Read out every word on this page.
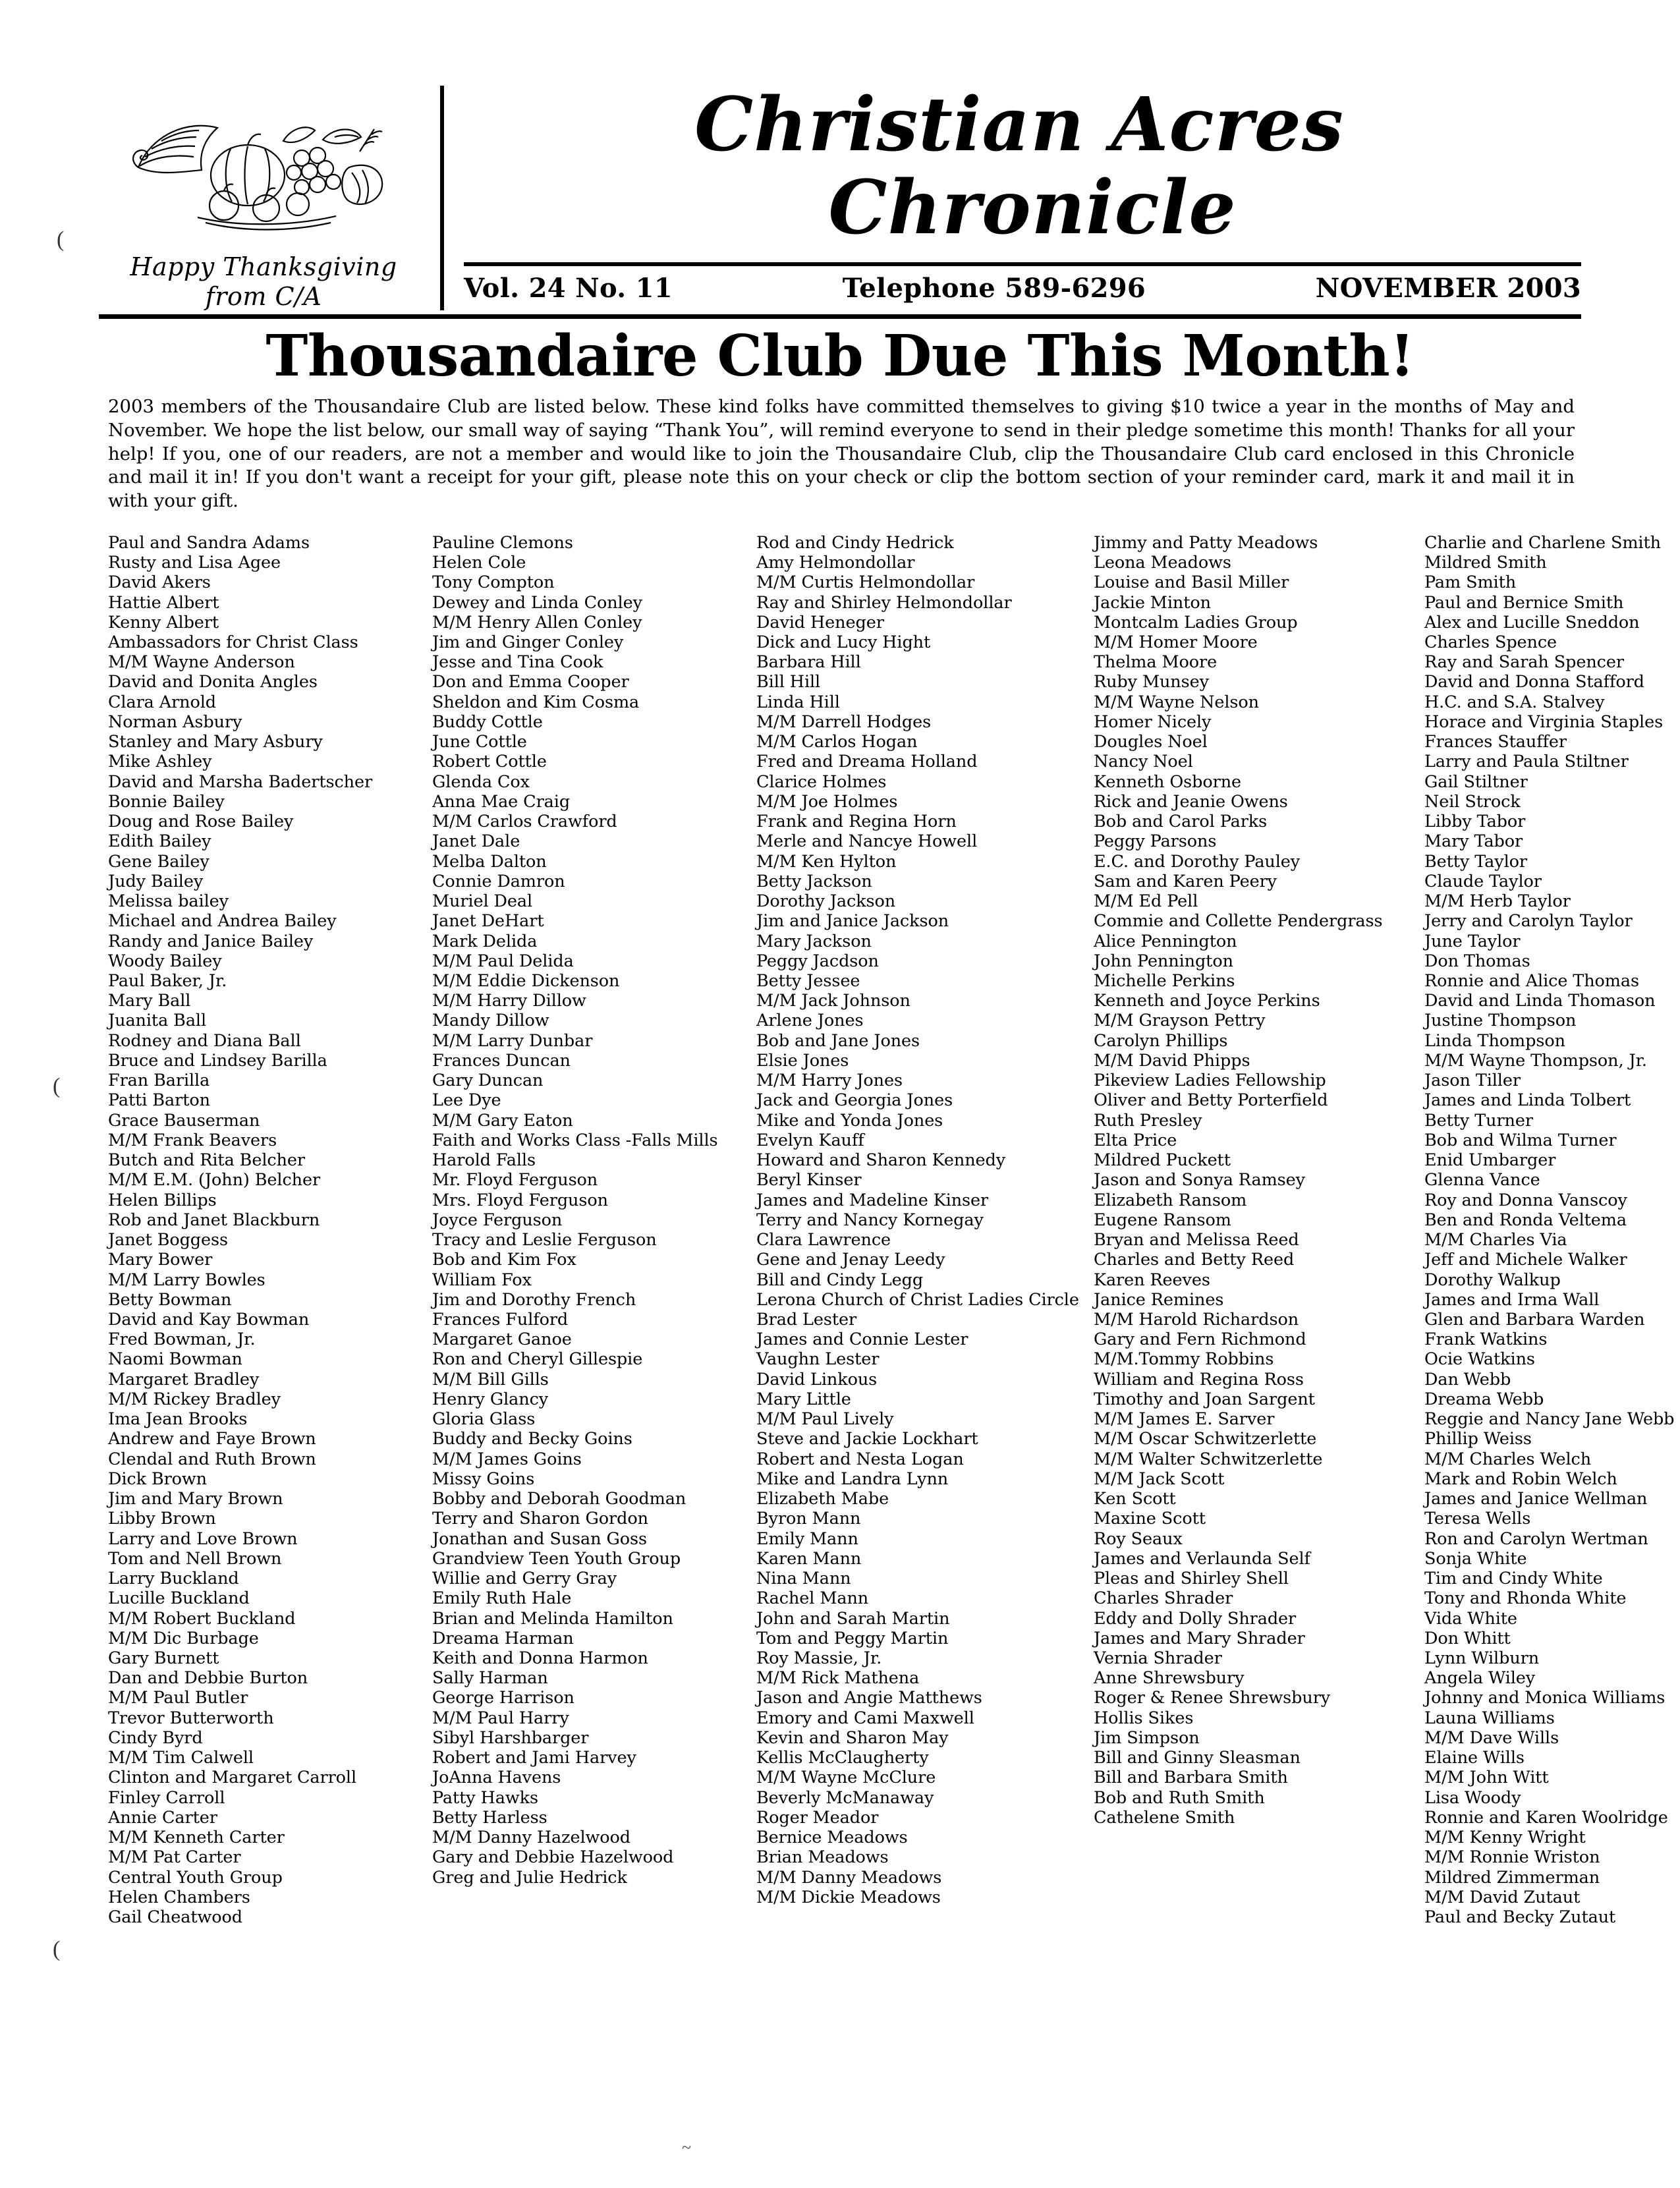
(
(
(
~
Happy Thanksgiving
from C/A
Christian Acres
Chronicle
Vol. 24 No. 11	Telephone 589-6296	NOVEMBER 2003
Thousandaire Club Due This Month!

2003 members of the Thousandaire Club are listed below. These kind folks have committed themselves to giving $10 twice a year in the months of May and November. We hope the list below, our small way of saying “Thank You”, will remind everyone to send in their pledge sometime this month! Thanks for all your help! If you, one of our readers, are not a member and would like to join the Thousandaire Club, clip the Thousandaire Club card enclosed in this Chronicle and mail it in! If you don't want a receipt for your gift, please note this on your check or clip the bottom section of your reminder card, mark it and mail it in with your gift.

Paul and Sandra Adams
Rusty and Lisa Agee
David Akers
Hattie Albert
Kenny Albert
Ambassadors for Christ Class
M/M Wayne Anderson
David and Donita Angles
Clara Arnold
Norman Asbury
Stanley and Mary Asbury
Mike Ashley
David and Marsha Badertscher
Bonnie Bailey
Doug and Rose Bailey
Edith Bailey
Gene Bailey
Judy Bailey
Melissa bailey
Michael and Andrea Bailey
Randy and Janice Bailey
Woody Bailey
Paul Baker, Jr.
Mary Ball
Juanita Ball
Rodney and Diana Ball
Bruce and Lindsey Barilla
Fran Barilla
Patti Barton
Grace Bauserman
M/M Frank Beavers
Butch and Rita Belcher
M/M E.M. (John) Belcher
Helen Billips
Rob and Janet Blackburn
Janet Boggess
Mary Bower
M/M Larry Bowles
Betty Bowman
David and Kay Bowman
Fred Bowman, Jr.
Naomi Bowman
Margaret Bradley
M/M Rickey Bradley
Ima Jean Brooks
Andrew and Faye Brown
Clendal and Ruth Brown
Dick Brown
Jim and Mary Brown
Libby Brown
Larry and Love Brown
Tom and Nell Brown
Larry Buckland
Lucille Buckland
M/M Robert Buckland
M/M Dic Burbage
Gary Burnett
Dan and Debbie Burton
M/M Paul Butler
Trevor Butterworth
Cindy Byrd
M/M Tim Calwell
Clinton and Margaret Carroll
Finley Carroll
Annie Carter
M/M Kenneth Carter
M/M Pat Carter
Central Youth Group
Helen Chambers
Gail Cheatwood
Pauline Clemons
Helen Cole
Tony Compton
Dewey and Linda Conley
M/M Henry Allen Conley
Jim and Ginger Conley
Jesse and Tina Cook
Don and Emma Cooper
Sheldon and Kim Cosma
Buddy Cottle
June Cottle
Robert Cottle
Glenda Cox
Anna Mae Craig
M/M Carlos Crawford
Janet Dale
Melba Dalton
Connie Damron
Muriel Deal
Janet DeHart
Mark Delida
M/M Paul Delida
M/M Eddie Dickenson
M/M Harry Dillow
Mandy Dillow
M/M Larry Dunbar
Frances Duncan
Gary Duncan
Lee Dye
M/M Gary Eaton
Faith and Works Class -Falls Mills
Harold Falls
Mr. Floyd Ferguson
Mrs. Floyd Ferguson
Joyce Ferguson
Tracy and Leslie Ferguson
Bob and Kim Fox
William Fox
Jim and Dorothy French
Frances Fulford
Margaret Ganoe
Ron and Cheryl Gillespie
M/M Bill Gills
Henry Glancy
Gloria Glass
Buddy and Becky Goins
M/M James Goins
Missy Goins
Bobby and Deborah Goodman
Terry and Sharon Gordon
Jonathan and Susan Goss
Grandview Teen Youth Group
Willie and Gerry Gray
Emily Ruth Hale
Brian and Melinda Hamilton
Dreama Harman
Keith and Donna Harmon
Sally Harman
George Harrison
M/M Paul Harry
Sibyl Harshbarger
Robert and Jami Harvey
JoAnna Havens
Patty Hawks
Betty Harless
M/M Danny Hazelwood
Gary and Debbie Hazelwood
Greg and Julie Hedrick
Rod and Cindy Hedrick
Amy Helmondollar
M/M Curtis Helmondollar
Ray and Shirley Helmondollar
David Heneger
Dick and Lucy Hight
Barbara Hill
Bill Hill
Linda Hill
M/M Darrell Hodges
M/M Carlos Hogan
Fred and Dreama Holland
Clarice Holmes
M/M Joe Holmes
Frank and Regina Horn
Merle and Nancye Howell
M/M Ken Hylton
Betty Jackson
Dorothy Jackson
Jim and Janice Jackson
Mary Jackson
Peggy Jacdson
Betty Jessee
M/M Jack Johnson
Arlene Jones
Bob and Jane Jones
Elsie Jones
M/M Harry Jones
Jack and Georgia Jones
Mike and Yonda Jones
Evelyn Kauff
Howard and Sharon Kennedy
Beryl Kinser
James and Madeline Kinser
Terry and Nancy Kornegay
Clara Lawrence
Gene and Jenay Leedy
Bill and Cindy Legg
Lerona Church of Christ Ladies Circle
Brad Lester
James and Connie Lester
Vaughn Lester
David Linkous
Mary Little
M/M Paul Lively
Steve and Jackie Lockhart
Robert and Nesta Logan
Mike and Landra Lynn
Elizabeth Mabe
Byron Mann
Emily Mann
Karen Mann
Nina Mann
Rachel Mann
John and Sarah Martin
Tom and Peggy Martin
Roy Massie, Jr.
M/M Rick Mathena
Jason and Angie Matthews
Emory and Cami Maxwell
Kevin and Sharon May
Kellis McClaugherty
M/M Wayne McClure
Beverly McManaway
Roger Meador
Bernice Meadows
Brian Meadows
M/M Danny Meadows
M/M Dickie Meadows
Jimmy and Patty Meadows
Leona Meadows
Louise and Basil Miller
Jackie Minton
Montcalm Ladies Group
M/M Homer Moore
Thelma Moore
Ruby Munsey
M/M Wayne Nelson
Homer Nicely
Dougles Noel
Nancy Noel
Kenneth Osborne
Rick and Jeanie Owens
Bob and Carol Parks
Peggy Parsons
E.C. and Dorothy Pauley
Sam and Karen Peery
M/M Ed Pell
Commie and Collette Pendergrass
Alice Pennington
John Pennington
Michelle Perkins
Kenneth and Joyce Perkins
M/M Grayson Pettry
Carolyn Phillips
M/M David Phipps
Pikeview Ladies Fellowship
Oliver and Betty Porterfield
Ruth Presley
Elta Price
Mildred Puckett
Jason and Sonya Ramsey
Elizabeth Ransom
Eugene Ransom
Bryan and Melissa Reed
Charles and Betty Reed
Karen Reeves
Janice Remines
M/M Harold Richardson
Gary and Fern Richmond
M/M.Tommy Robbins
William and Regina Ross
Timothy and Joan Sargent
M/M James E. Sarver
M/M Oscar Schwitzerlette
M/M Walter Schwitzerlette
M/M Jack Scott
Ken Scott
Maxine Scott
Roy Seaux
James and Verlaunda Self
Pleas and Shirley Shell
Charles Shrader
Eddy and Dolly Shrader
James and Mary Shrader
Vernia Shrader
Anne Shrewsbury
Roger & Renee Shrewsbury
Hollis Sikes
Jim Simpson
Bill and Ginny Sleasman
Bill and Barbara Smith
Bob and Ruth Smith
Cathelene Smith
Charlie and Charlene Smith
Mildred Smith
Pam Smith
Paul and Bernice Smith
Alex and Lucille Sneddon
Charles Spence
Ray and Sarah Spencer
David and Donna Stafford
H.C. and S.A. Stalvey
Horace and Virginia Staples
Frances Stauffer
Larry and Paula Stiltner
Gail Stiltner
Neil Strock
Libby Tabor
Mary Tabor
Betty Taylor
Claude Taylor
M/M Herb Taylor
Jerry and Carolyn Taylor
June Taylor
Don Thomas
Ronnie and Alice Thomas
David and Linda Thomason
Justine Thompson
Linda Thompson
M/M Wayne Thompson, Jr.
Jason Tiller
James and Linda Tolbert
Betty Turner
Bob and Wilma Turner
Enid Umbarger
Glenna Vance
Roy and Donna Vanscoy
Ben and Ronda Veltema
M/M Charles Via
Jeff and Michele Walker
Dorothy Walkup
James and Irma Wall
Glen and Barbara Warden
Frank Watkins
Ocie Watkins
Dan Webb
Dreama Webb
Reggie and Nancy Jane Webb
Phillip Weiss
M/M Charles Welch
Mark and Robin Welch
James and Janice Wellman
Teresa Wells
Ron and Carolyn Wertman
Sonja White
Tim and Cindy White
Tony and Rhonda White
Vida White
Don Whitt
Lynn Wilburn
Angela Wiley
Johnny and Monica Williams
Launa Williams
M/M Dave Wills
Elaine Wills
M/M John Witt
Lisa Woody
Ronnie and Karen Woolridge
M/M Kenny Wright
M/M Ronnie Wriston
Mildred Zimmerman
M/M David Zutaut
Paul and Becky Zutaut
